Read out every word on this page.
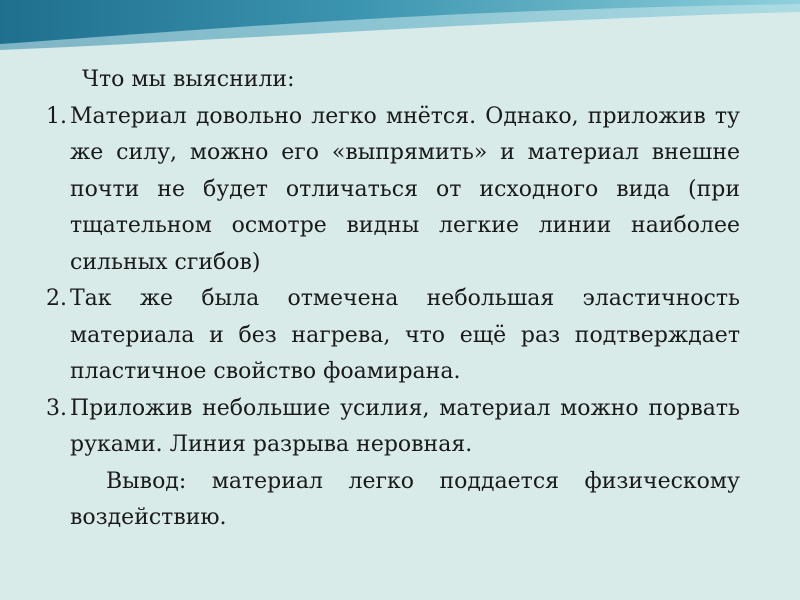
Что мы выяснили:
1. Материал довольно легко мнётся. Однако, приложив ту же силу, можно его «выпрямить» и материал внешне почти не будет отличаться от исходного вида (при тщательном осмотре видны легкие линии наиболее сильных сгибов)
2. Так же была отмечена небольшая эластичность материала и без нагрева, что ещё раз подтверждает пластичное свойство фоамирана.
3. Приложив небольшие усилия, материал можно порвать руками. Линия разрыва неровная.
Вывод: материал легко поддается физическому воздействию.
